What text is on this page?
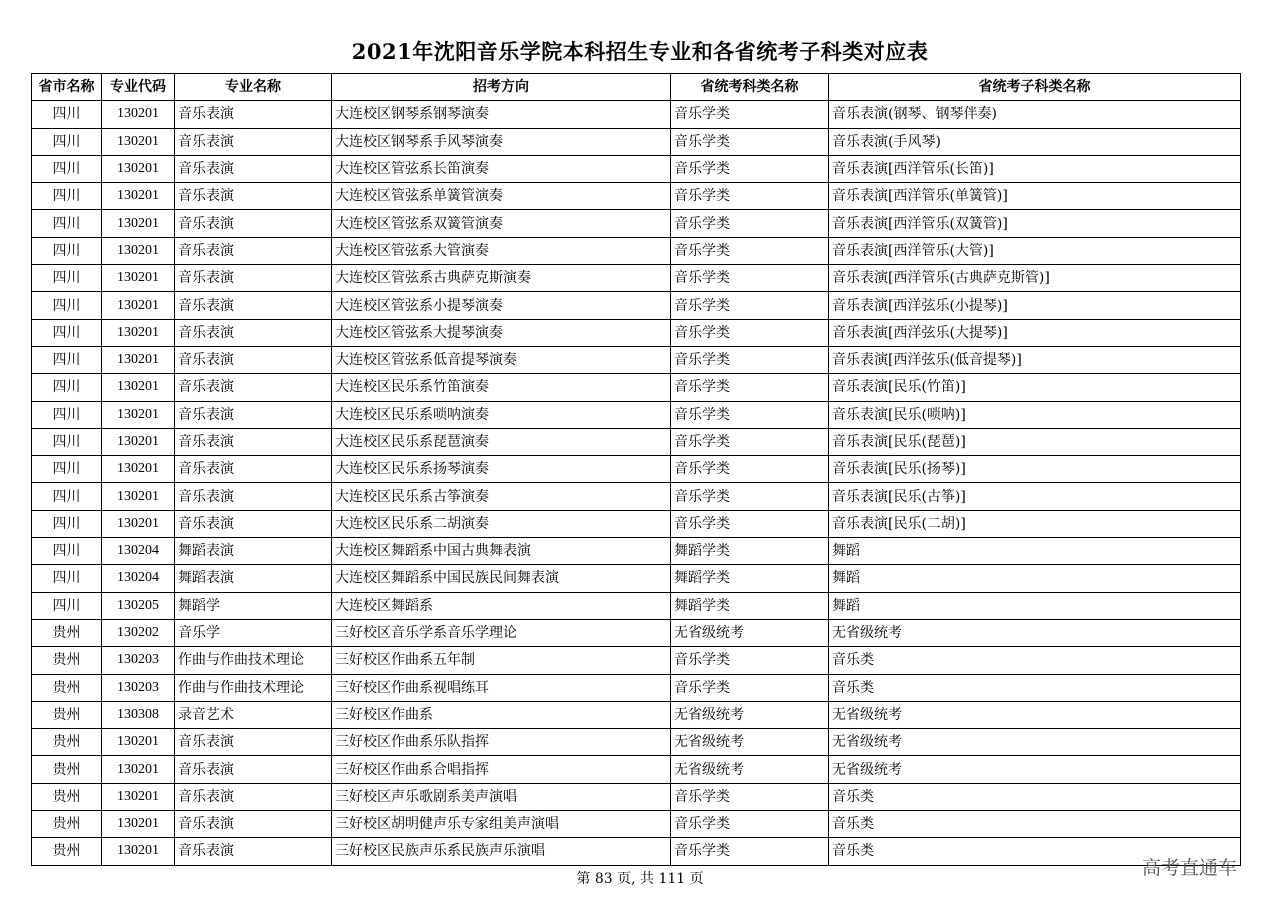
2021年沈阳音乐学院本科招生专业和各省统考子科类对应表
省市名称	专业代码	专业名称	招考方向	省统考科类名称	省统考子科类名称
四川	130201	音乐表演	大连校区钢琴系钢琴演奏	音乐学类	音乐表演(钢琴、钢琴伴奏)
四川	130201	音乐表演	大连校区钢琴系手风琴演奏	音乐学类	音乐表演(手风琴)
四川	130201	音乐表演	大连校区管弦系长笛演奏	音乐学类	音乐表演[西洋管乐(长笛)]
四川	130201	音乐表演	大连校区管弦系单簧管演奏	音乐学类	音乐表演[西洋管乐(单簧管)]
四川	130201	音乐表演	大连校区管弦系双簧管演奏	音乐学类	音乐表演[西洋管乐(双簧管)]
四川	130201	音乐表演	大连校区管弦系大管演奏	音乐学类	音乐表演[西洋管乐(大管)]
四川	130201	音乐表演	大连校区管弦系古典萨克斯演奏	音乐学类	音乐表演[西洋管乐(古典萨克斯管)]
四川	130201	音乐表演	大连校区管弦系小提琴演奏	音乐学类	音乐表演[西洋弦乐(小提琴)]
四川	130201	音乐表演	大连校区管弦系大提琴演奏	音乐学类	音乐表演[西洋弦乐(大提琴)]
四川	130201	音乐表演	大连校区管弦系低音提琴演奏	音乐学类	音乐表演[西洋弦乐(低音提琴)]
四川	130201	音乐表演	大连校区民乐系竹笛演奏	音乐学类	音乐表演[民乐(竹笛)]
四川	130201	音乐表演	大连校区民乐系唢呐演奏	音乐学类	音乐表演[民乐(唢呐)]
四川	130201	音乐表演	大连校区民乐系琵琶演奏	音乐学类	音乐表演[民乐(琵琶)]
四川	130201	音乐表演	大连校区民乐系扬琴演奏	音乐学类	音乐表演[民乐(扬琴)]
四川	130201	音乐表演	大连校区民乐系古筝演奏	音乐学类	音乐表演[民乐(古筝)]
四川	130201	音乐表演	大连校区民乐系二胡演奏	音乐学类	音乐表演[民乐(二胡)]
四川	130204	舞蹈表演	大连校区舞蹈系中国古典舞表演	舞蹈学类	舞蹈
四川	130204	舞蹈表演	大连校区舞蹈系中国民族民间舞表演	舞蹈学类	舞蹈
四川	130205	舞蹈学	大连校区舞蹈系	舞蹈学类	舞蹈
贵州	130202	音乐学	三好校区音乐学系音乐学理论	无省级统考	无省级统考
贵州	130203	作曲与作曲技术理论	三好校区作曲系五年制	音乐学类	音乐类
贵州	130203	作曲与作曲技术理论	三好校区作曲系视唱练耳	音乐学类	音乐类
贵州	130308	录音艺术	三好校区作曲系	无省级统考	无省级统考
贵州	130201	音乐表演	三好校区作曲系乐队指挥	无省级统考	无省级统考
贵州	130201	音乐表演	三好校区作曲系合唱指挥	无省级统考	无省级统考
贵州	130201	音乐表演	三好校区声乐歌剧系美声演唱	音乐学类	音乐类
贵州	130201	音乐表演	三好校区胡明健声乐专家组美声演唱	音乐学类	音乐类
贵州	130201	音乐表演	三好校区民族声乐系民族声乐演唱	音乐学类	音乐类
第 83 页, 共 111 页	高考直通车
